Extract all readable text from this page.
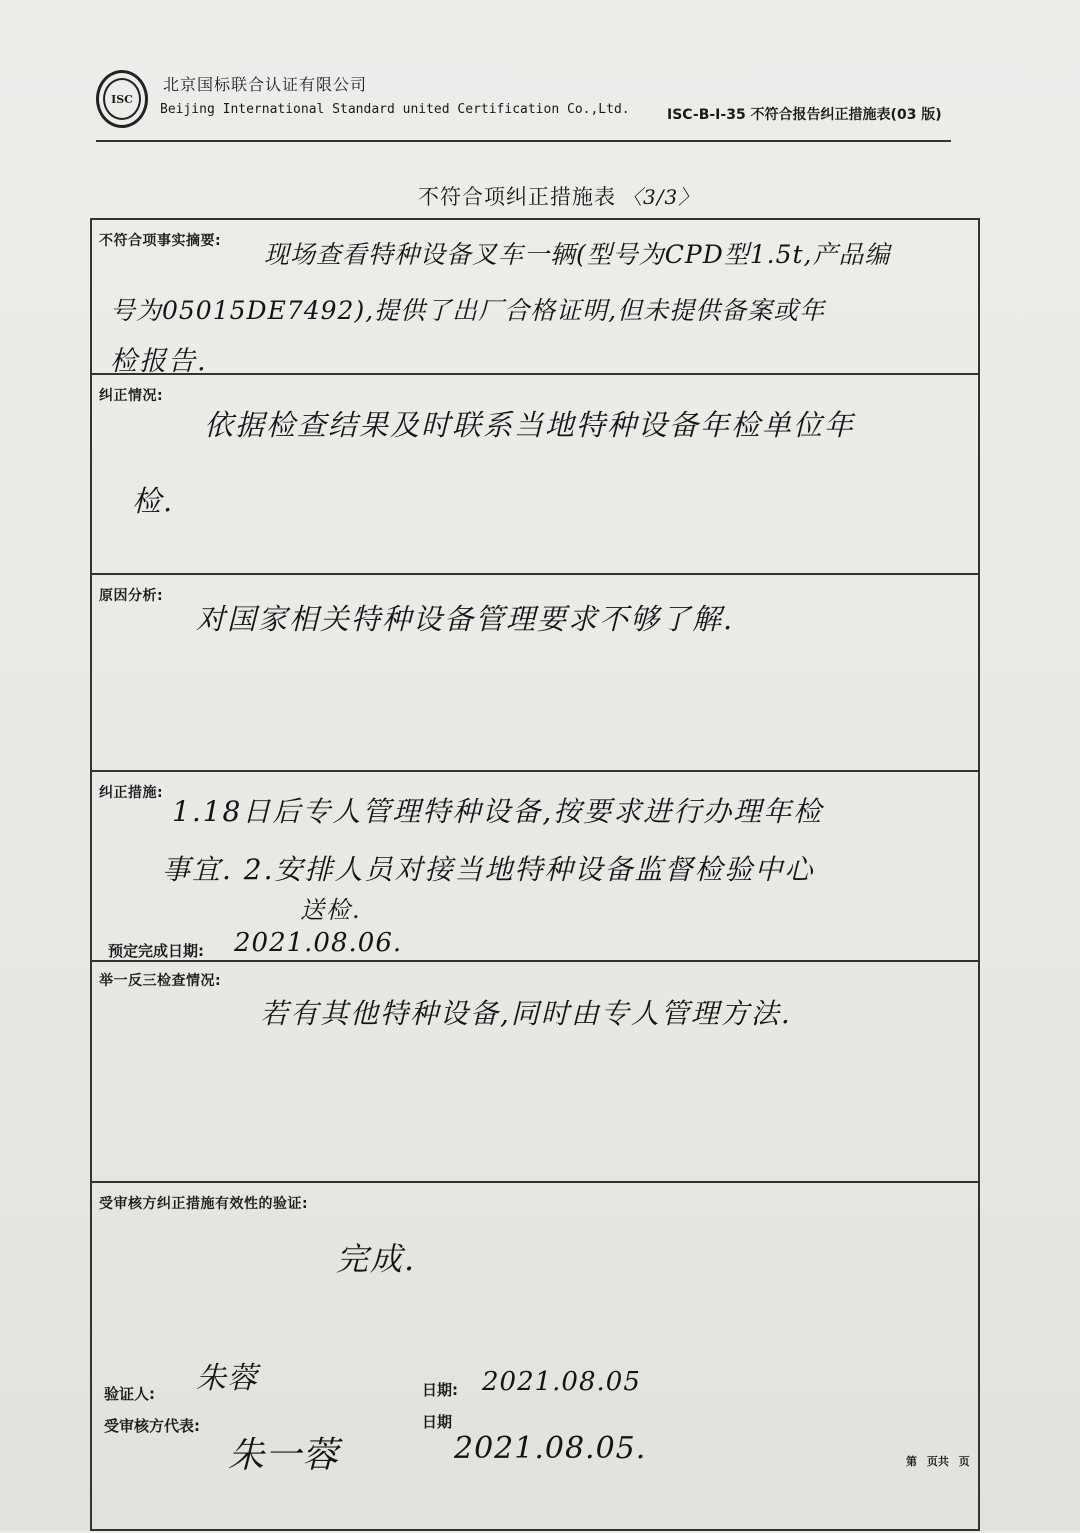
ISC
北京国标联合认证有限公司
Beijing International Standard united Certification Co.,Ltd.	ISC-B-I-35 不符合报告纠正措施表(03 版)
不符合项纠正措施表 〈3/3〉
不符合项事实摘要: 现场查看特种设备叉车一辆(型号为CPD型1.5t,产品编
号为05015DE7492),提供了出厂合格证明,但未提供备案或年
检报告.
纠正情况:
依据检查结果及时联系当地特种设备年检单位年
检.
原因分析:
对国家相关特种设备管理要求不够了解.
纠正措施:
1.18日后专人管理特种设备,按要求进行办理年检
事宜. 2.安排人员对接当地特种设备监督检验中心
送检.
预定完成日期: 2021.08.06.
举一反三检查情况:
若有其他特种设备,同时由专人管理方法.
受审核方纠正措施有效性的验证:
完成.
验证人: 朱蓉	日期: 2021.08.05
受审核方代表:
朱一蓉
日期
2021.08.05.	第 页共 页
